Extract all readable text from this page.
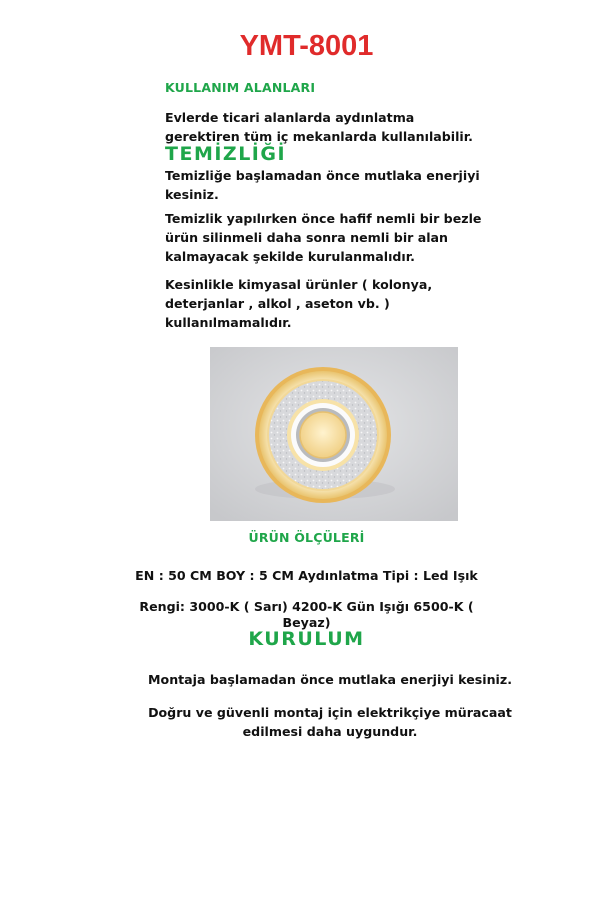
YMT-8001
KULLANIM ALANLARI
Evlerde ticari alanlarda aydınlatma
gerektiren tüm iç mekanlarda kullanılabilir.
TEMİZLİĞİ
Temizliğe başlamadan önce mutlaka enerjiyi
kesiniz.
Temizlik yapılırken önce hafif nemli bir bezle
ürün silinmeli daha sonra nemli bir alan
kalmayacak şekilde kurulanmalıdır.
Kesinlikle kimyasal ürünler ( kolonya,
deterjanlar , alkol , aseton vb. )
kullanılmamalıdır.
ÜRÜN ÖLÇÜLERİ
EN : 50 CM BOY : 5 CM Aydınlatma Tipi : Led Işık
Rengi: 3000-K ( Sarı) 4200-K Gün Işığı 6500-K (
Beyaz)
KURULUM
Montaja başlamadan önce mutlaka enerjiyi kesiniz.
Doğru ve güvenli montaj için elektrikçiye müracaat
edilmesi daha uygundur.
